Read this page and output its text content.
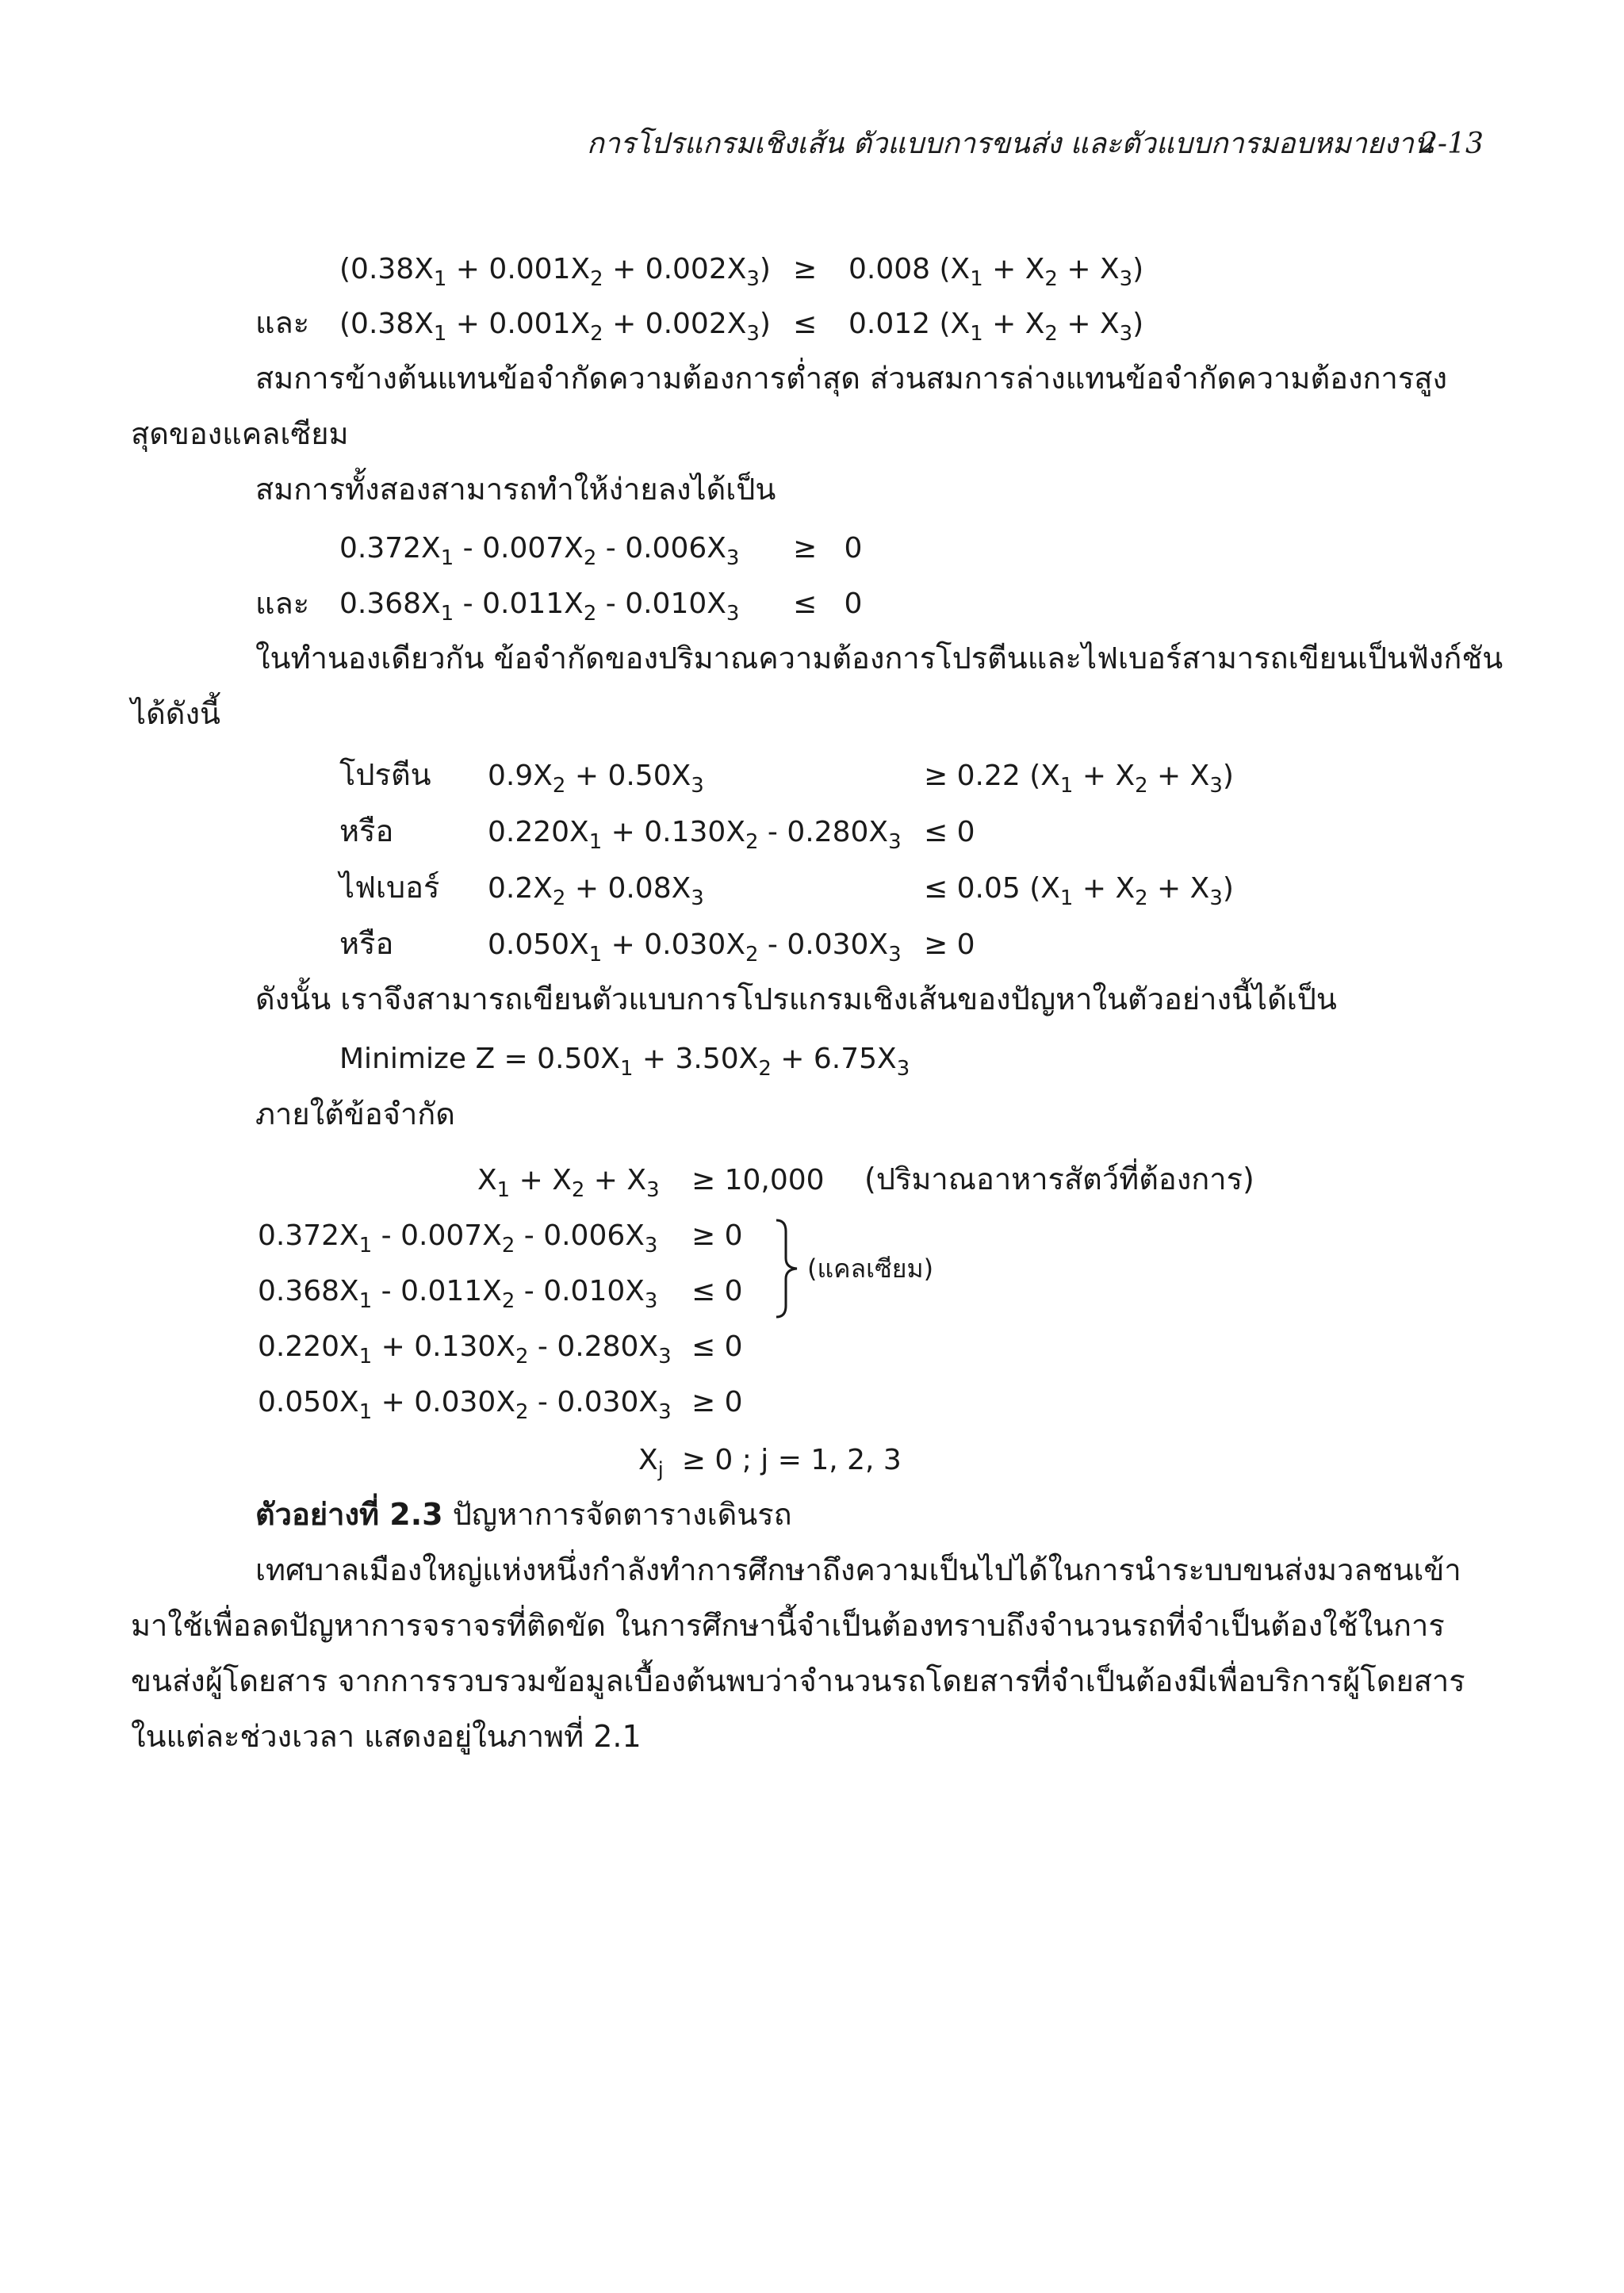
การโปรแกรมเชิงเส้น ตัวแบบการขนส่ง และตัวแบบการมอบหมายงาน
2-13
$(0.38X_1 + 0.001X_2 + 0.002X_3) \ge 0.008$ $(X_1 + X_2 + X_3)$
และ $(0.38X_1 + 0.001X_2 + 0.002X_3) \le 0.012$ $(X_1 + X_2 + X_3)$
สมการข้างต้นแทนข้อจำกัดความต้องการต่ำสุด ส่วนสมการล่างแทนข้อจำกัดความต้องการสูง
สุดของแคลเซียม
สมการทั้งสองสามารถทำให้ง่ายลงได้เป็น
$0.372X_1 - 0.007X_2 - 0.006X_3 \ge 0$
และ $0.368X_1 - 0.011X_2 - 0.010X_3 \le 0$
ในทำนองเดียวกัน ข้อจำกัดของปริมาณความต้องการโปรตีนและไฟเบอร์สามารถเขียนเป็นฟังก์ชัน
ได้ดังนี้
โปรตีน $0.9X_2 + 0.50X_3$	≥ 0.22 $(X_1 + X_2 + X_3)$
หรือ	$0.220X_1 + 0.130X_2 - 0.280X_3 \le 0$
ไฟเบอร์ $0.2X_2 + 0.08X_3$	≤ 0.05 $(X_1 + X_2 + X_3)$
หรือ	$0.050X_1 + 0.030X_2 - 0.030X_3 \ge 0$
ดังนั้น เราจึงสามารถเขียนตัวแบบการโปรแกรมเชิงเส้นของปัญหาในตัวอย่างนี้ได้เป็น
Minimize $Z = 0.50X_1 + 3.50X_2 + 6.75X_3$
ภายใต้ข้อจำกัด
$X_1 + X_2 + X_3 \ge 10,000$ (ปริมาณอาหารสัตว์ที่ต้องการ)
$0.372X_1 - 0.007X_2 - 0.006X_3 \ge 0$
$0.368X_1 - 0.011X_2 - 0.010X_3 \le 0$
(แคลเซียม)
$0.220X_1 + 0.130X_2 - 0.280X_3 \le 0$
$0.050X_1 + 0.030X_2 - 0.030X_3 \ge 0$
$X_j \ge 0$ ; j = 1, 2, 3
ตัวอย่างที่ 2.3 ปัญหาการจัดตารางเดินรถ
เทศบาลเมืองใหญ่แห่งหนึ่งกำลังทำการศึกษาถึงความเป็นไปได้ในการนำระบบขนส่งมวลชนเข้า
มาใช้เพื่อลดปัญหาการจราจรที่ติดขัด ในการศึกษานี้จำเป็นต้องทราบถึงจำนวนรถที่จำเป็นต้องใช้ในการ
ขนส่งผู้โดยสาร จากการรวบรวมข้อมูลเบื้องต้นพบว่าจำนวนรถโดยสารที่จำเป็นต้องมีเพื่อบริการผู้โดยสาร
ในแต่ละช่วงเวลา แสดงอยู่ในภาพที่ 2.1
